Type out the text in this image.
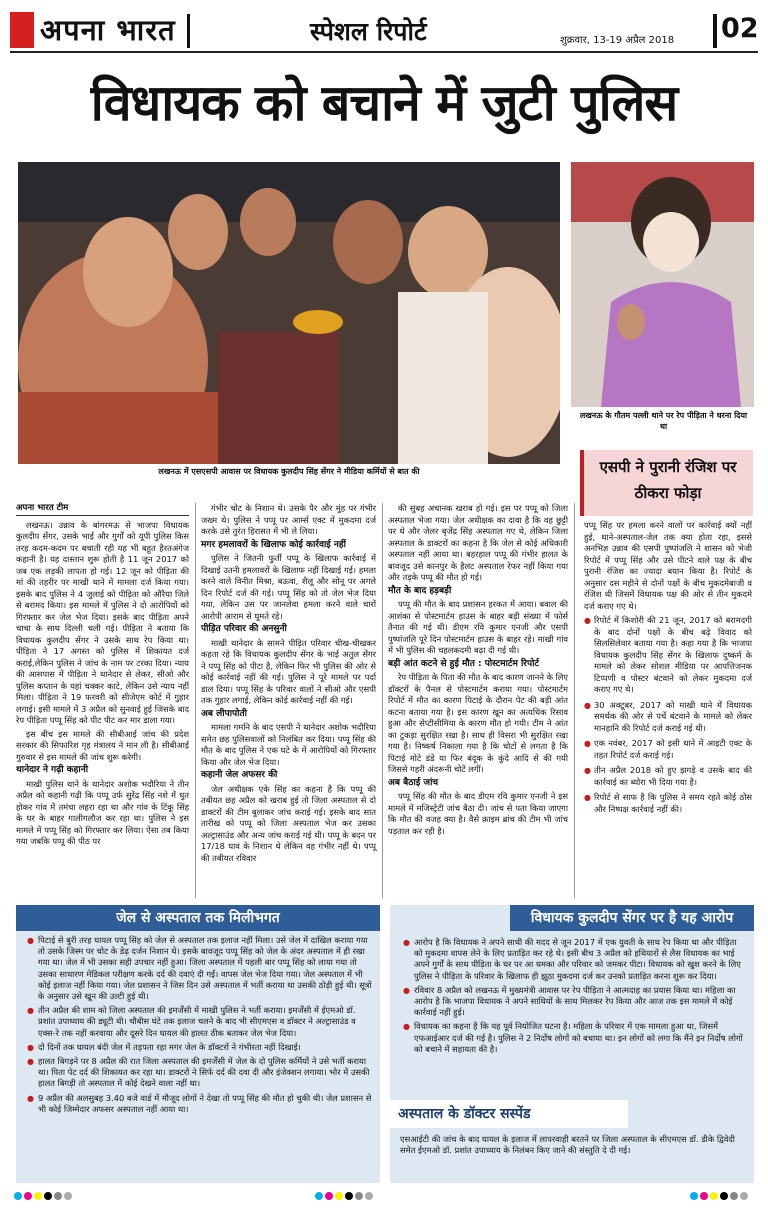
अपना भारत	स्पेशल रिपोर्ट	शुक्रवार, 13-19 अप्रैल 2018 02
विधायक को बचाने में जुटी पुलिस
लखनऊ में एसएसपी आवास पर विधायक कुलदीप सिंह सेंगर ने मीडिया कर्मियों से बात की
लखनऊ के गौतम पल्ली थाने पर रेप पीड़िता ने धरना दिया था
एसपी ने पुरानी रंजिश पर ठीकरा फोड़ा

अपना भारत टीम

लखनऊ। उन्नाव के बांगरमऊ से भाजपा विधायक कुलदीप सेंगर, उसके भाई और गुर्गों को यूपी पुलिस किस तरह कदम-कदम पर बचाती रही यह भी बहुत हैरतअंगेज कहानी है। यह दास्तान शुरू होती है 11 जून 2017 को जब एक लड़की लापता हो गई। 12 जून को पीड़िता की मां की तहरीर पर माखी थाने में मामला दर्ज किया गया। इसके बाद पुलिस ने 4 जुलाई को पीड़िता को औरैया जिले से बरामद किया। इस मामले में पुलिस ने दो आरोपियों को गिरफ्तार कर जेल भेज दिया। इसके बाद पीड़िता अपने चाचा के साथ दिल्ली चली गई। पीड़िता ने बताया कि विधायक कुलदीप सेंगर ने उसके साथ रेप किया था। पीड़िता ने 17 अगस्त को पुलिस में शिकायत दर्ज कराई,लेकिन पुलिस ने जांच के नाम पर टरका दिया। न्याय की आसपास में पीड़िता ने थानेदार से लेकर, सीओ और पुलिस कप्तान के यहां चक्कर काटे, लेकिन उसे न्याय नहीं मिला। पीड़िता ने 19 फरवरी को सीजेएम कोर्ट में गुहार लगाई। इसी मामले में 3 अप्रैल को सुनवाई हुई जिसके बाद रेप पीड़िता पप्पू सिंह को पीट पीट कर मार डाला गया।

इस बीच इस मामले की सीबीआई जांच की प्रदेश सरकार की सिफारिश गृह मंत्रालय ने मान ली है। सीबीआई गुरुवार से इस मामले की जांच शुरू करेगी।

थानेदार ने गढ़ी कहानी

माखी पुलिस थाने के थानेदार अशोक भदौरिया ने तीन अप्रैल को कहानी गढ़ी कि पप्पू उर्फ सुरेंद्र सिंह नशे में धुत होकर गांव में तमंचा लहरा रहा था और गांव के टिंकू सिंह के घर के बाहर गालीगलौज कर रहा था। पुलिस ने इस मामले में पप्पू सिंह को गिरफ्तार कर लिया। ऐसा तब किया गया जबकि पप्पू की पीठ पर

गंभीर चोट के निशान थे। उसके पैर और मुंह पर गंभीर जख्म थे। पुलिस ने पप्पू पर आर्म्स एक्ट में मुकदमा दर्ज करके उसे तुरंत हिरासत में भी ले लिया।

मगर हमलावरों के खिलाफ कोई कार्रवाई नहीं

पुलिस ने जितनी फुर्ती पप्पू के खिलाफ कार्रवाई में दिखाई उतनी हमलावरों के खिलाफ नहीं दिखाई गई। हमला करने वाले विनीत मिश्रा, बऊवा, शैलू और सोनू पर अगले दिन रिपोर्ट दर्ज की गई। पप्पू सिंह को तो जेल भेज दिया गया, लेकिन उस पर जानलेवा हमला करने वाले चारों आरोपी आराम से घूमते रहे।

पीड़ित परिवार की अनसुनी

माखी थानेदार के सामने पीड़ित परिवार चीख-चीखकर कहता रहे कि विधायक कुलदीप सेंगर के भाई अतुल सेंगर ने पप्पू सिंह को पीटा है, लेकिन फिर भी पुलिस की ओर से कोई कार्रवाई नहीं की गई। पुलिस ने पूरे मामले पर पर्दा डाल दिया। पप्पू सिंह के परिवार वालों ने सीओ और एसपी तक गुहार लगाई, लेकिन कोई कार्रवाई नहीं की गई।

अब लीपापोती

मामला गमनि के बाद एसपी ने थानेदार अशोक भदौरिया समेत छह पुलिसवालों को निलंबित कर दिया। पप्पू सिंह की मौत के बाद पुलिस ने एक घटे के में आरोपियों को गिरफ्तार किया और जेल भेज दिया।

कहानी जेल अफसर की

जेल अधीक्षक एके सिंह का कहना है कि पप्पू की तबीयत छह अप्रैल को खराब हुई तो जिला अस्पताल से दो डाक्टरों की टीम बुलाकर जांच कराई गई। इसके बाद सात तारीख को पप्पू को जिला अस्पताल भेज कर उसका अल्ट्रासाउंड और अन्य जांच कराई गई थी। पप्पू के बदन पर 17/18 घाव के निशान थे लेकिन वह गंभीर नहीं थे। पप्पू की तबीयत रविवार

की सुबह अचानक खराब हो गई। इस पर पप्पू को जिला अस्पताल भेजा गया। जेल अधीक्षक का दावा है कि वह छुट्टी पर थे और जेलर बृजेंद्र सिंह अस्पताल गए थे, लेकिन जिला अस्पताल के डाक्टरों का कहना है कि जेल से कोई अधिकारी अस्पताल नहीं आया था। बहरहाल पप्पू की गंभीर हालत के बावजूद उसे कानपुर के हैलट अस्पताल रेफर नहीं किया गया और तड़के पप्पू की मौत हो गई।

मौत के बाद हड़बड़ी

पप्पू की मौत के बाद प्रशासन हरकत में आया। बवाल की आशंका से पोस्टमार्टम हाउस के बाहर बड़ी संख्या में फोर्स तैनात की गई थी। डीएम रवि कुमार एनजी और एसपी पुष्पांजलि पूरे दिन पोस्टमार्टम हाउस के बाहर रहे। माखी गांव में भी पुलिस की चहलकदमी बढ़ा दी गई थी।

बड़ी आंत कटने से हुई मौत : पोस्टमार्टम रिपोर्ट

रेप पीड़िता के पिता की मौत के बाद कारण जानने के लिए डॉक्टरों के पैनल से पोस्टमार्टम कराया गया। पोस्टमार्टम रिपोर्ट में मौत का कारण पिटाई के दौरान पेट की बड़ी आंत कटना बताया गया है। इस कारण खून का अत्यधिक रिसाव हुआ और सेप्टीसीमिया के कारण मौत हो गयी। टीम ने आंत का टुकड़ा सुरक्षित रखा है। साथ ही विसरा भी सुरक्षित रखा गया है। निष्कर्ष निकाला गया है कि चोटों से लगता है कि पिटाई मोटे डंडे या फिर बंदूक के कुंदे आदि से की गयी जिससे गहरी अंदरूनी चोटें लगीं।

अब बैठाई जांच

पप्पू सिंह की मौत के बाद डीएम रवि कुमार एनजी ने इस मामले में मजिस्ट्रेटी जांच बैठा दी। जांच से पता किया जाएगा कि मौत की वजह क्या है। वैसे क्राइम ब्रांच की टीम भी जांच पड़ताल कर रही है।

पप्पू सिंह पर हमला करने वालों पर कार्रवाई क्यों नहीं हुई, थाने-अस्पताल-जेल तक क्या होता रहा, इससे अनभिज्ञ उन्नाव की एसपी पुष्पांजलि ने शासन को भेजी रिपोर्ट में पप्पू सिंह और उसे पीटने वाले पक्ष के बीच पुरानी रंजिश का ज्यादा बयान किया है। रिपोर्ट के अनुसार दस महीने से दोनों पक्षों के बीच मुकदमेबाजी व रंजिश थी जिसमें विधायक पक्ष की ओर से तीन मुकदमे दर्ज कराए गए थे।

● रिपोर्ट में किशोरी की 21 जून, 2017 को बरामदगी के बाद दोनों पक्षों के बीच बढ़े विवाद को सिलसिलेवार बताया गया है। कहा गया है कि भाजपा विधायक कुलदीप सिंह सेंगर के खिलाफ दुष्कर्म के मामले को लेकर सोशल मीडिया पर आपत्तिजनक टिप्पणी व पोस्टर बंटवाने को लेकर मुकदमा दर्ज कराए गए थे।
● 30 अक्टूबर, 2017 को माखी थाने में विधायक समर्थक की ओर से पर्चे बंटवाने के मामले को लेकर मानहानि की रिपोर्ट दर्ज कराई गई थी।
● एक नवंबर, 2017 को इसी थाने में आइटी एक्ट के तहत रिपोर्ट दर्ज कराई गई।
● तीन अप्रैल 2018 को हुए झगड़े व उसके बाद की कार्रवाई का ब्योरा भी दिया गया है।
● रिपोर्ट से साफ है कि पुलिस ने समय रहते कोई ठोस और निष्पक्ष कार्रवाई नहीं की।
जेल से अस्पताल तक मिलीभगत
● पिटाई से बुरी तरह घायल पप्पू सिंह को जेल से अस्पताल तक इलाज नहीं मिला। उसे जेल में दाखिल कराया गया तो उसके जिस्म पर चोट के डेढ़ दर्जन निशान थे। इसके बावजूद पप्पू सिंह को जेल के अंदर अस्पताल में ही रखा गया था। जेल में भी उसका सही उपचार नहीं हुआ। जिला अस्पताल में पहली बार पप्पू सिंह को लाया गया तो उसका साधारण मेडिकल परीक्षण करके दर्द की दवाएं दी गईं। वापस जेल भेज दिया गया। जेल अस्पताल में भी कोई इलाज नहीं किया गया। जेल प्रशासन ने जिस दिन उसे अस्पताल में भर्ती कराया था उसकी ठोड़ी हुई थी। सूत्रों के अनुसार उसे खून की उल्टी हुई थी।
● तीन अप्रैल की शाम को जिला अस्पताल की इमर्जेंसी में माखी पुलिस ने भर्ती कराया। इमर्जेंसी में ईएमओ डॉ. प्रशांत उपाध्याय की ड्यूटी थी। चौबीस घंटे तक इलाज चलने के बाद भी सीएमएस व डॉक्टर ने अल्ट्रासाउंड व एक्स-रे तक नहीं करवाया और दूसरे दिन घायल की हालत ठीक बताकर जेल भेज दिया।
● दो दिनों तक घायल बंदी जेल में तड़पता रहा मगर जेल के डॉक्टरों ने गंभीरता नहीं दिखाई।
● हालत बिगड़ने पर 8 अप्रैल की रात जिला अस्पताल की इमर्जेंसी में जेल के दो पुलिस कर्मियों ने उसे भर्ती कराया था। पिता पेट दर्द की शिकायत कर रहा था। डाक्टरों ने सिर्फ दर्द की दवा दी और इंजेक्शन लगाया। भोर में उसकी हालत बिगड़ी तो अस्पताल में कोई देखने वाला नहीं था।
● 9 अप्रैल की अलसुबह 3.40 बजे वार्ड में मौजूद लोगों ने देखा तो पप्पू सिंह की मौत हो चुकी थी। जेल प्रशासन से भी कोई जिम्मेदार अफसर अस्पताल नहीं आया था।
विधायक कुलदीप सेंगर पर है यह आरोप
● आरोप है कि विधायक ने अपने साथी की मदद से जून 2017 में एक युवती के साथ रेप किया था और पीड़िता को मुकदमा वापस लेने के लिए प्रताड़ित कर रहे थे। इसी बीच 3 अप्रैल को हथियारों से लैस विधायक का भाई अपने गुर्गों के साथ पीड़िता के घर पर आ धमका और परिवार को जमकर पीटा। विधायक को खुश करने के लिए पुलिस ने पीड़िता के परिवार के खिलाफ ही झूठा मुकदमा दर्ज कर उनको प्रताड़ित करना शुरू कर दिया।
● रविवार 8 अप्रैल को लखनऊ में मुख्यमंत्री आवास पर रेप पीड़िता ने आत्मदाह का प्रयास किया था। महिला का आरोप है कि भाजपा विधायक ने अपने साथियों के साथ मिलकर रेप किया और आज तक इस मामले में कोई कार्रवाई नहीं हुई।
● विधायक का कहना है कि यह पूर्व नियोजित घटना है। महिला के परिवार में एक मामला हुआ था, जिसमें एफआईआर दर्ज की गई है। पुलिस ने 2 निर्दोष लोगों को बचाया था। इन लोगों को लगा कि मैंने इन निर्दोष लोगों को बचाने में सहायता की है।
अस्पताल के डॉक्टर सस्पेंड
एसआईटी की जांच के बाद घायल के इलाज में लापरवाही बरतने पर जिला अस्पताल के सीएमएस डॉ. डीके द्विवेदी समेत ईएमओ डॉ. प्रशांत उपाध्याय के निलंबन किए जाने की संस्तुति दे दी गई।
